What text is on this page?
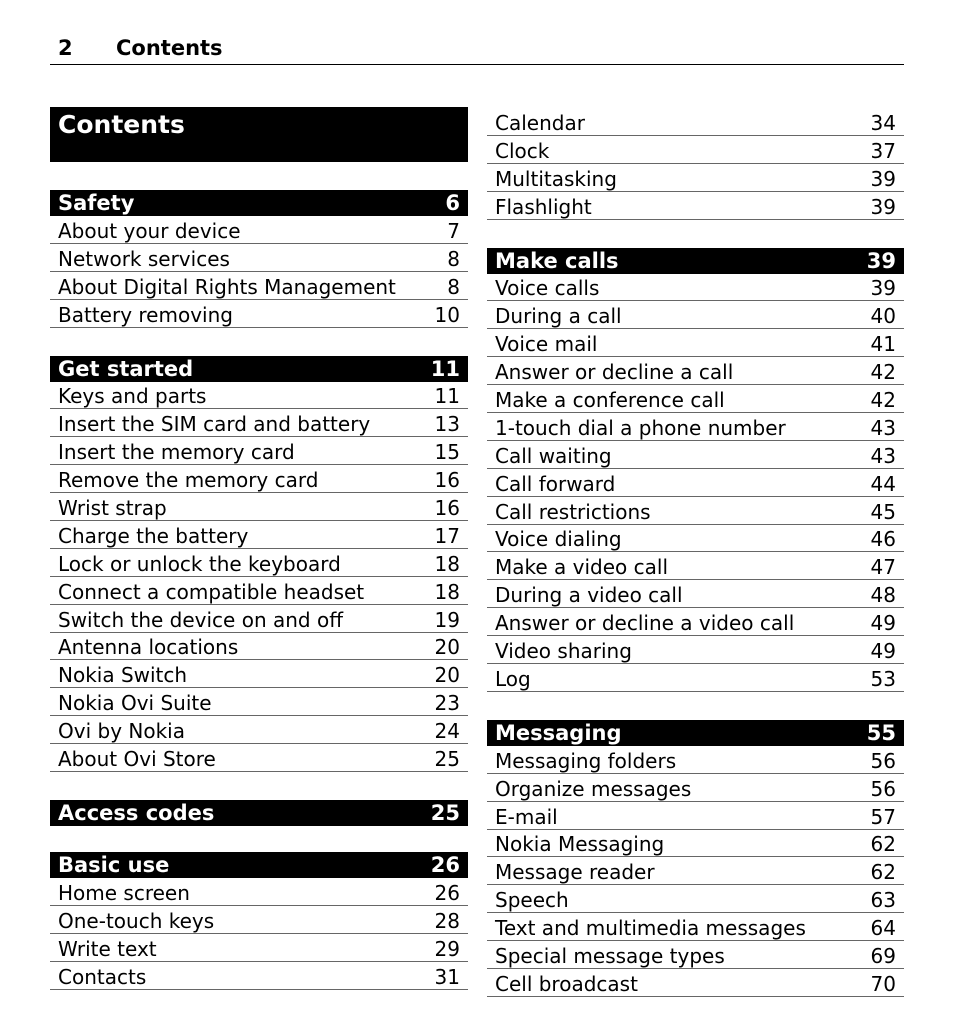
2 Contents
Contents
Safety	6
About your device	7
Network services	8
About Digital Rights Management	8
Battery removing	10
Get started	11
Keys and parts	11
Insert the SIM card and battery	13
Insert the memory card	15
Remove the memory card	16
Wrist strap	16
Charge the battery	17
Lock or unlock the keyboard	18
Connect a compatible headset	18
Switch the device on and off	19
Antenna locations	20
Nokia Switch	20
Nokia Ovi Suite	23
Ovi by Nokia	24
About Ovi Store	25
Access codes	25
Basic use	26
Home screen	26
One-touch keys	28
Write text	29
Contacts	31
Calendar	34
Clock	37
Multitasking	39
Flashlight	39
Make calls	39
Voice calls	39
During a call	40
Voice mail	41
Answer or decline a call	42
Make a conference call	42
1-touch dial a phone number	43
Call waiting	43
Call forward	44
Call restrictions	45
Voice dialing	46
Make a video call	47
During a video call	48
Answer or decline a video call	49
Video sharing	49
Log	53
Messaging	55
Messaging folders	56
Organize messages	56
E-mail	57
Nokia Messaging	62
Message reader	62
Speech	63
Text and multimedia messages	64
Special message types	69
Cell broadcast	70
